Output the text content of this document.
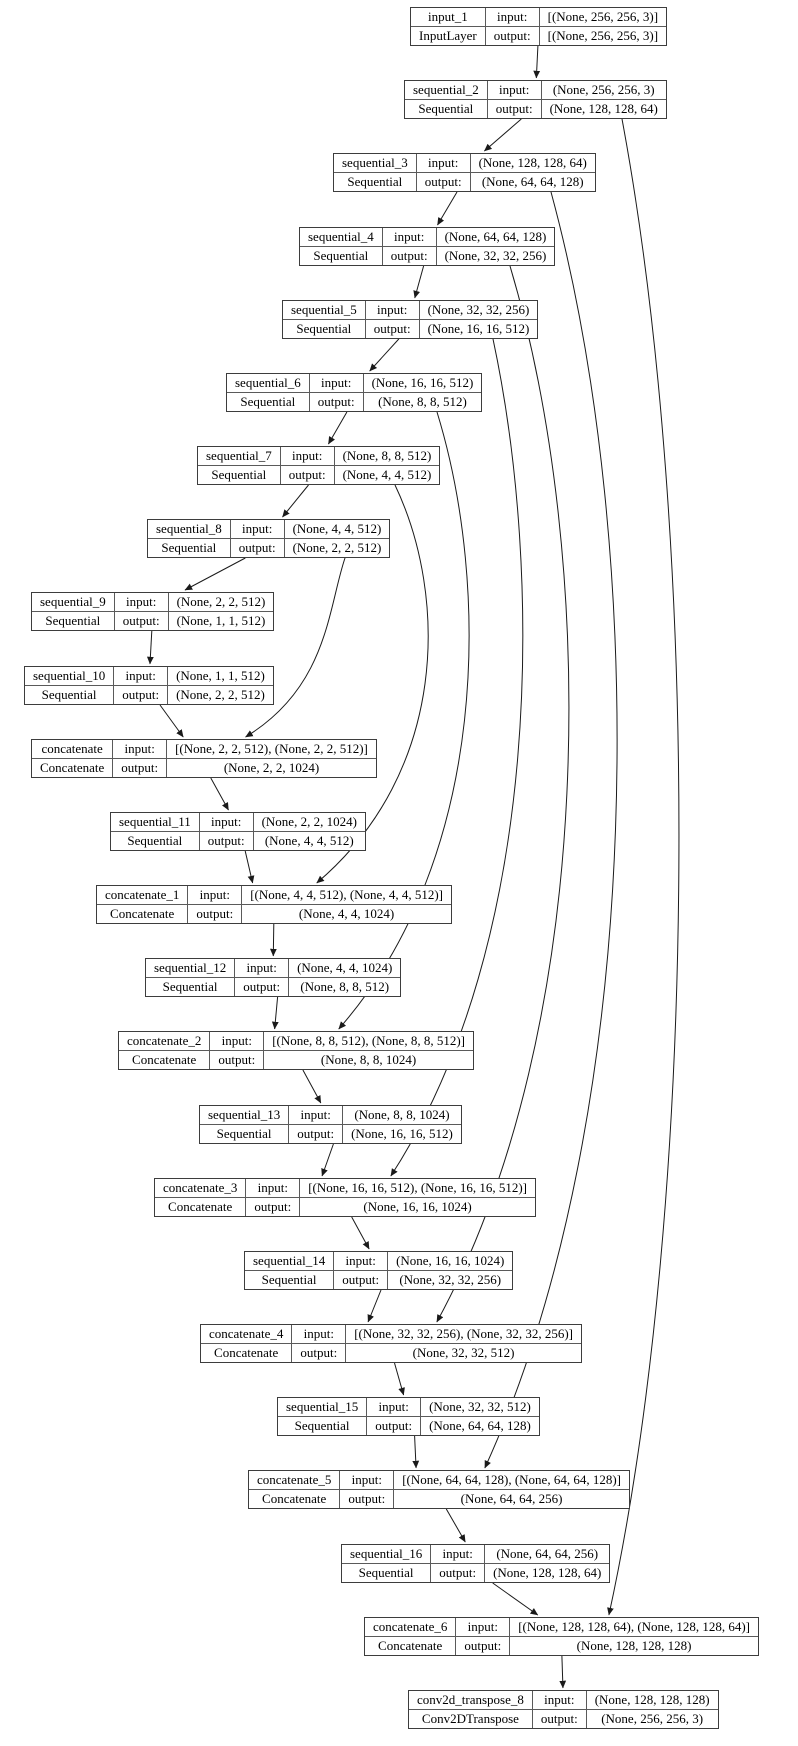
input_1	input:	[(None, 256, 256, 3)]
InputLayer	output:	[(None, 256, 256, 3)]
sequential_2	input:	(None, 256, 256, 3)
Sequential	output:	(None, 128, 128, 64)
sequential_3	input:	(None, 128, 128, 64)
Sequential	output:	(None, 64, 64, 128)
sequential_4	input:	(None, 64, 64, 128)
Sequential	output:	(None, 32, 32, 256)
sequential_5	input:	(None, 32, 32, 256)
Sequential	output:	(None, 16, 16, 512)
sequential_6	input:	(None, 16, 16, 512)
Sequential	output:	(None, 8, 8, 512)
sequential_7	input:	(None, 8, 8, 512)
Sequential	output:	(None, 4, 4, 512)
sequential_8	input:	(None, 4, 4, 512)
Sequential	output:	(None, 2, 2, 512)
sequential_9	input:	(None, 2, 2, 512)
Sequential	output:	(None, 1, 1, 512)
sequential_10	input:	(None, 1, 1, 512)
Sequential	output:	(None, 2, 2, 512)
concatenate	input:	[(None, 2, 2, 512), (None, 2, 2, 512)]
Concatenate	output:	(None, 2, 2, 1024)
sequential_11	input:	(None, 2, 2, 1024)
Sequential	output:	(None, 4, 4, 512)
concatenate_1	input:	[(None, 4, 4, 512), (None, 4, 4, 512)]
Concatenate	output:	(None, 4, 4, 1024)
sequential_12	input:	(None, 4, 4, 1024)
Sequential	output:	(None, 8, 8, 512)
concatenate_2	input:	[(None, 8, 8, 512), (None, 8, 8, 512)]
Concatenate	output:	(None, 8, 8, 1024)
sequential_13	input:	(None, 8, 8, 1024)
Sequential	output:	(None, 16, 16, 512)
concatenate_3	input:	[(None, 16, 16, 512), (None, 16, 16, 512)]
Concatenate	output:	(None, 16, 16, 1024)
sequential_14	input:	(None, 16, 16, 1024)
Sequential	output:	(None, 32, 32, 256)
concatenate_4	input:	[(None, 32, 32, 256), (None, 32, 32, 256)]
Concatenate	output:	(None, 32, 32, 512)
sequential_15	input:	(None, 32, 32, 512)
Sequential	output:	(None, 64, 64, 128)
concatenate_5	input:	[(None, 64, 64, 128), (None, 64, 64, 128)]
Concatenate	output:	(None, 64, 64, 256)
sequential_16	input:	(None, 64, 64, 256)
Sequential	output:	(None, 128, 128, 64)
concatenate_6	input:	[(None, 128, 128, 64), (None, 128, 128, 64)]
Concatenate	output:	(None, 128, 128, 128)
conv2d_transpose_8	input:	(None, 128, 128, 128)
Conv2DTranspose	output:	(None, 256, 256, 3)
